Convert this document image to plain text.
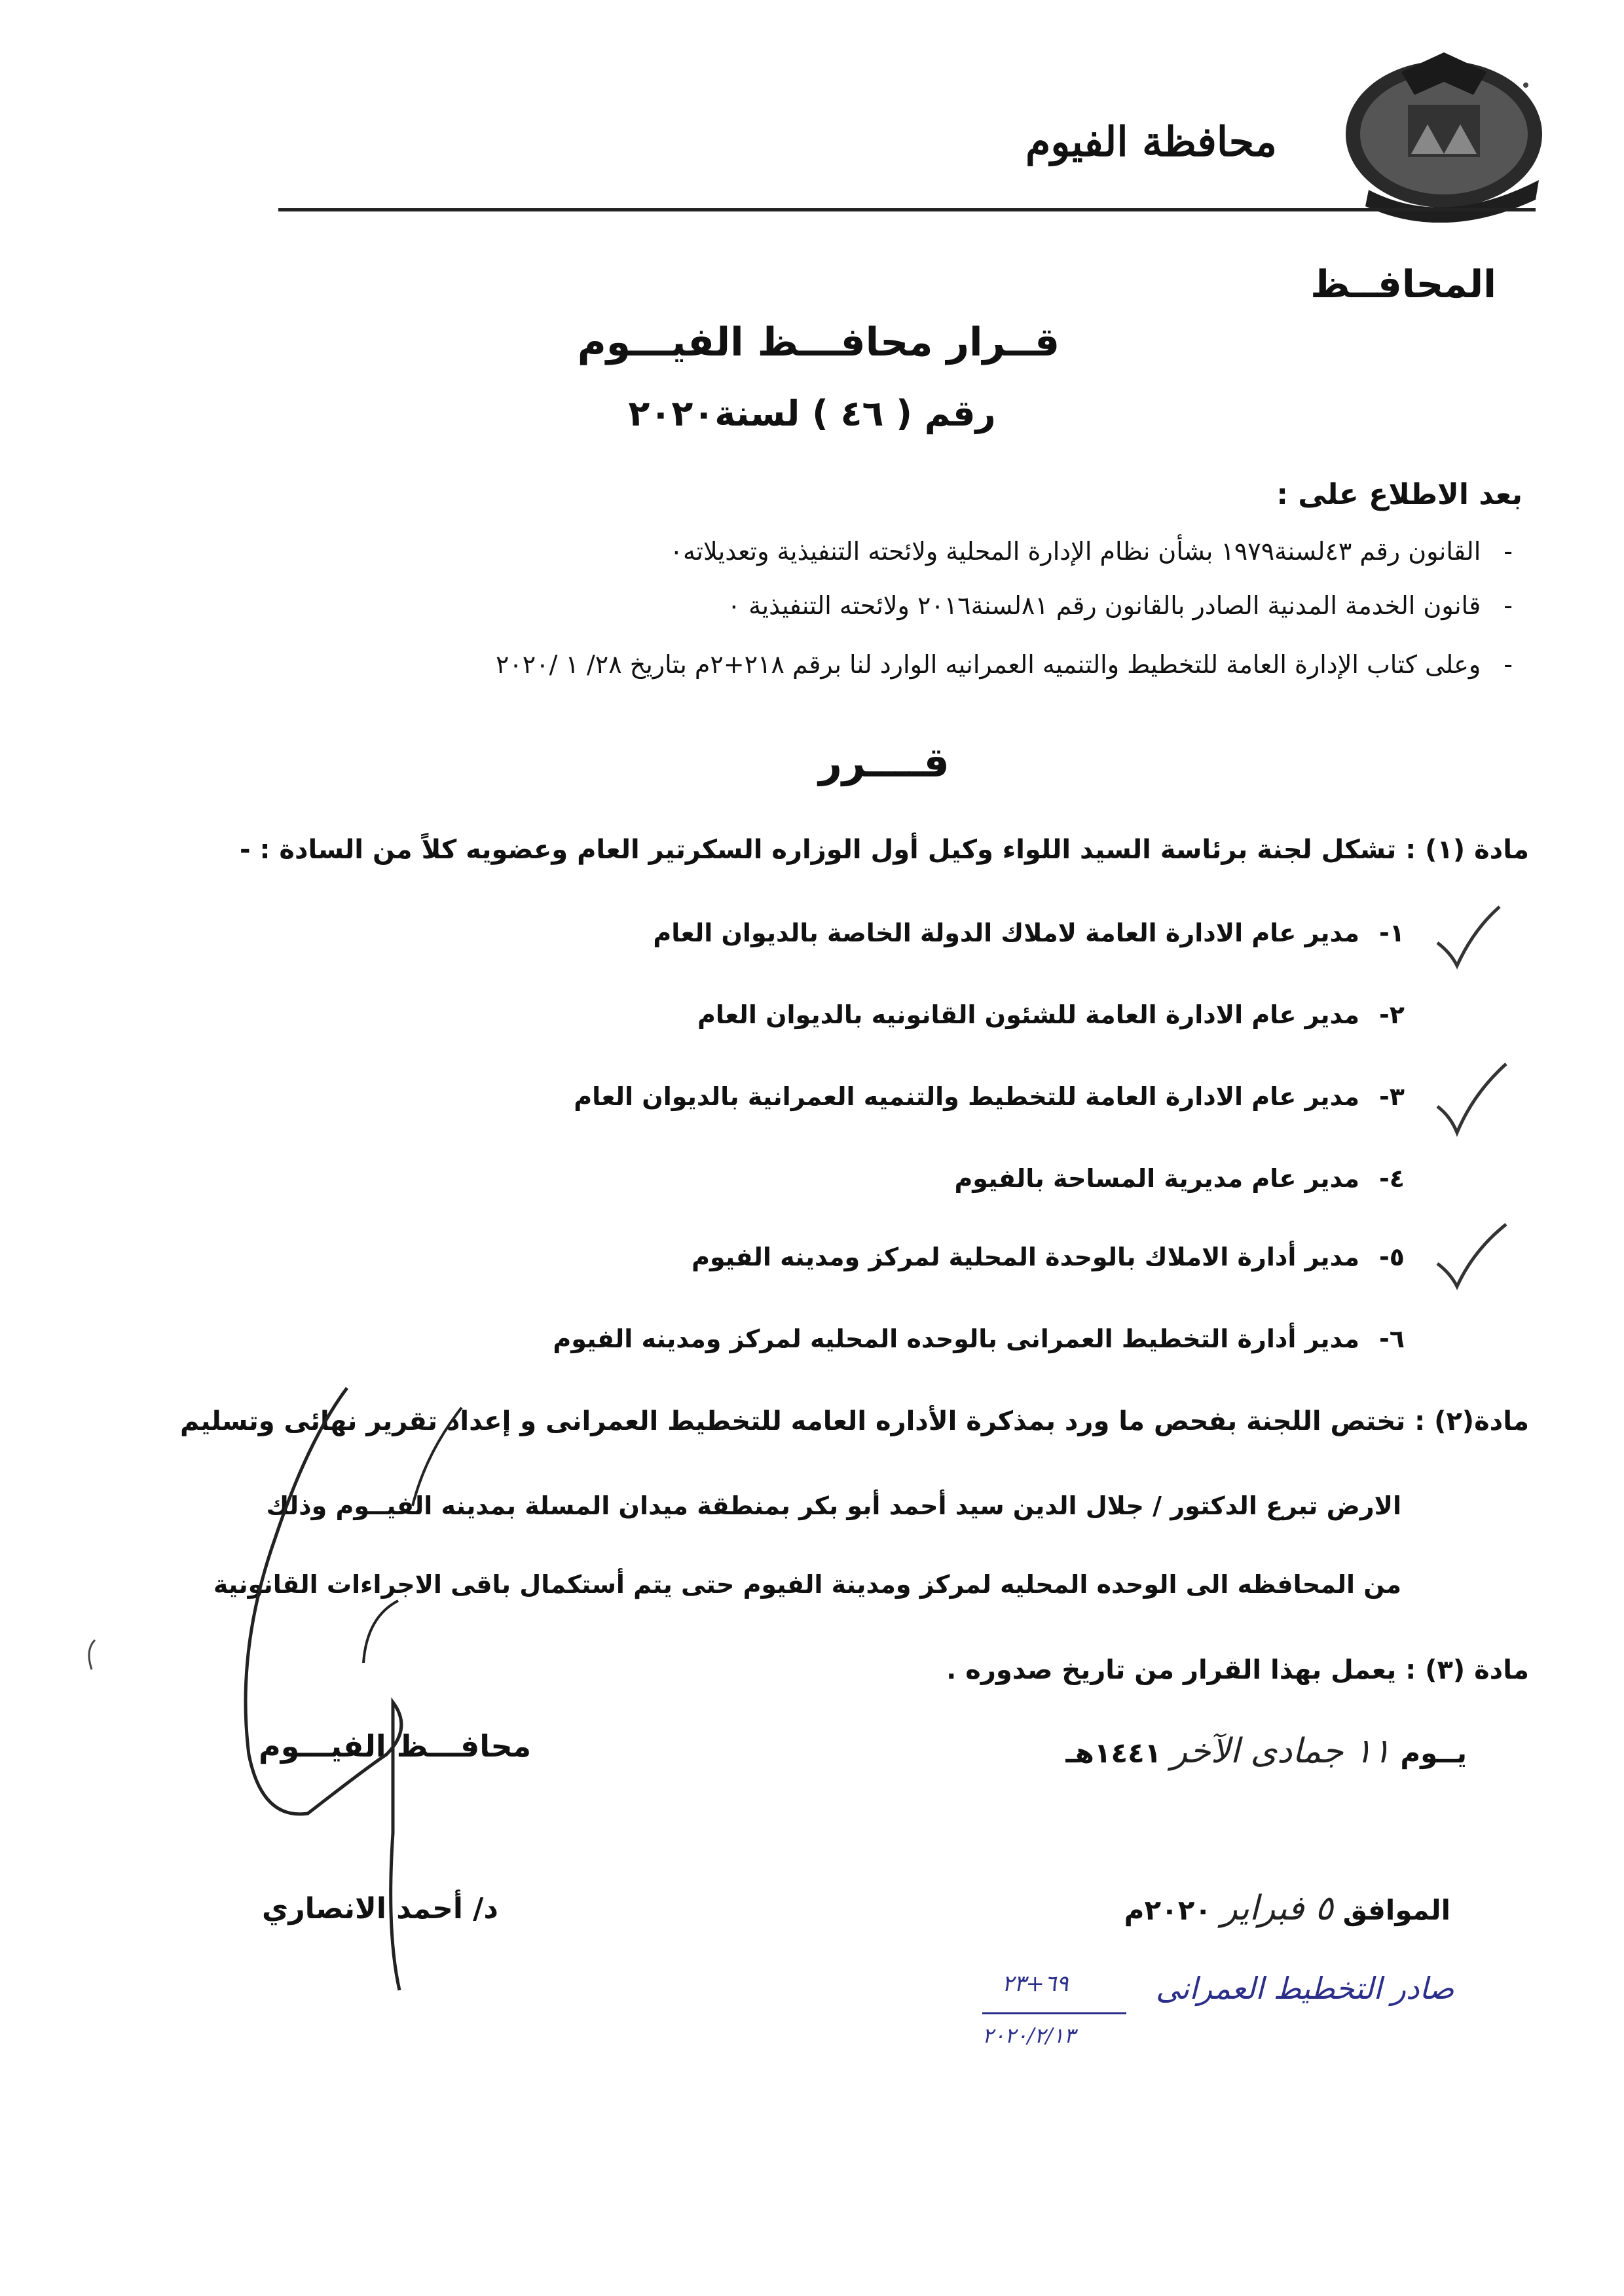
محافظة الفيوم
المحافــظ
قــرار محافـــظ الفيـــوم
رقم ( ٤٦ ) لسنة٢٠٢٠
بعد الاطلاع على :
-القانون رقم ٤٣لسنة١٩٧٩ بشأن نظام الإدارة المحلية ولائحته التنفيذية وتعديلاته٠
-قانون الخدمة المدنية الصادر بالقانون رقم ٨١لسنة٢٠١٦ ولائحته التنفيذية ٠
-وعلى كتاب الإدارة العامة للتخطيط والتنميه العمرانيه الوارد لنا برقم ٢١٨+٢م بتاريخ ٢٨/ ١ /٢٠٢٠
قــــرر
مادة (١) : تشكل لجنة برئاسة السيد اللواء وكيل أول الوزاره السكرتير العام وعضويه كلاً من السادة : -
١-مدير عام الادارة العامة لاملاك الدولة الخاصة بالديوان العام
٢-مدير عام الادارة العامة للشئون القانونيه بالديوان العام
٣-مدير عام الادارة العامة للتخطيط والتنميه العمرانية بالديوان العام
٤-مدير عام مديرية المساحة بالفيوم
٥-مدير أدارة الاملاك بالوحدة المحلية لمركز ومدينه الفيوم
٦-مدير أدارة التخطيط العمرانى بالوحده المحليه لمركز ومدينه الفيوم
مادة(٢) : تختص اللجنة بفحص ما ورد بمذكرة الأداره العامه للتخطيط العمرانى و إعداد تقرير نهائى وتسليم
الارض تبرع الدكتور / جلال الدين سيد أحمد أبو بكر بمنطقة ميدان المسلة بمدينه الفيــوم وذلك
من المحافظه الى الوحده المحليه لمركز ومدينة الفيوم حتى يتم أستكمال باقى الاجراءات القانونية
مادة (٣) : يعمل بهذا القرار من تاريخ صدوره .
يــوم ١١ جمادى الآخر ١٤٤١هـ
الموافق ٥ فبراير ٢٠٢٠م
محافـــظ الفيـــوم
د/ أحمد الانصاري
صادر التخطيط العمرانى
٦٩+٢٣
٢٠٢٠/٢/١٣
